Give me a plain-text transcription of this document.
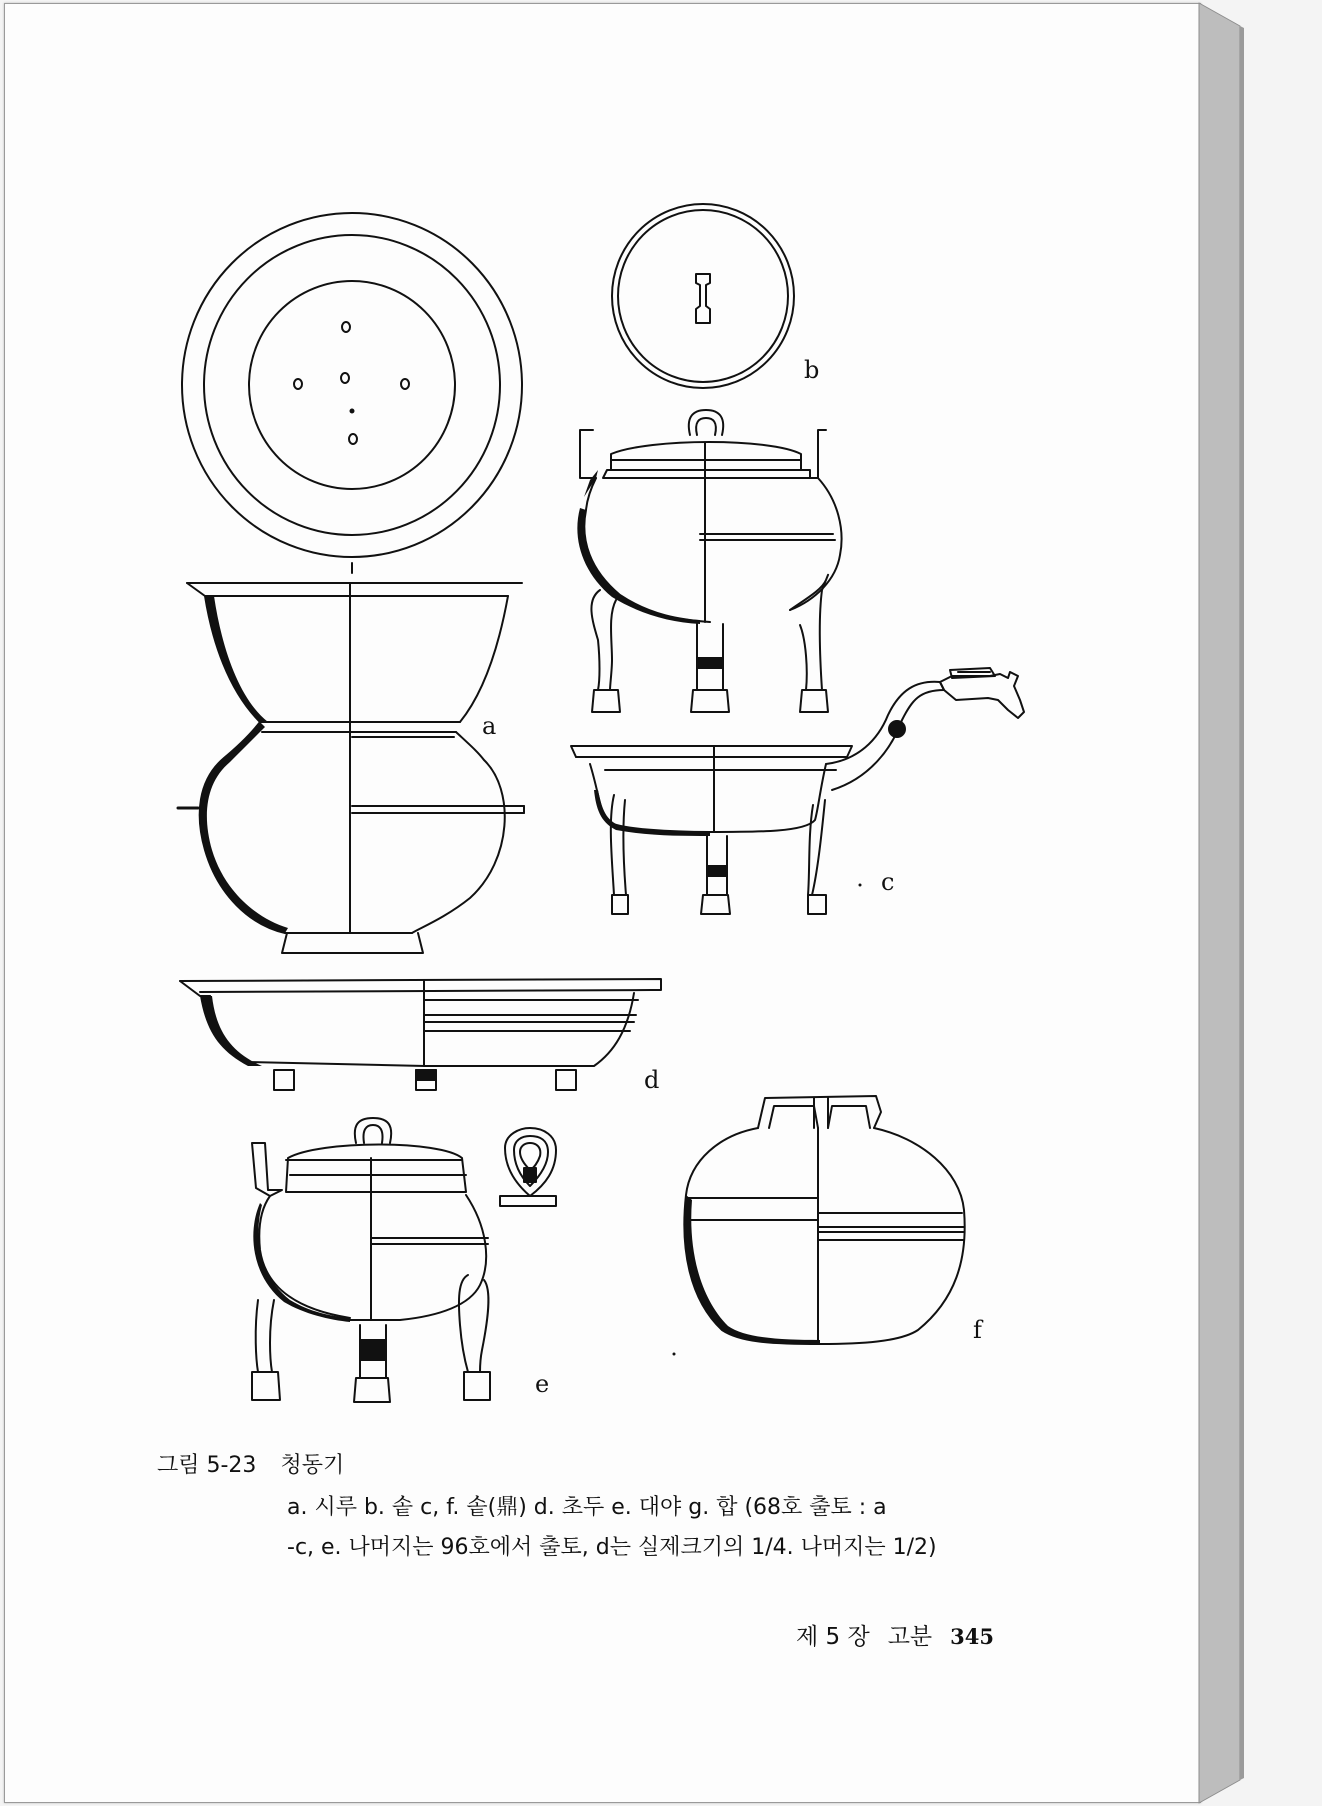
b
a
c
d
e
f
그림 5-23 청동기
a. 시루 b. 솥 c, f. 솥(鼎) d. 초두 e. 대야 g. 합 (68호 출토 : a
-c, e. 나머지는 96호에서 출토, d는 실제크기의 1/4. 나머지는 1/2)
제 5 장 고분 345
